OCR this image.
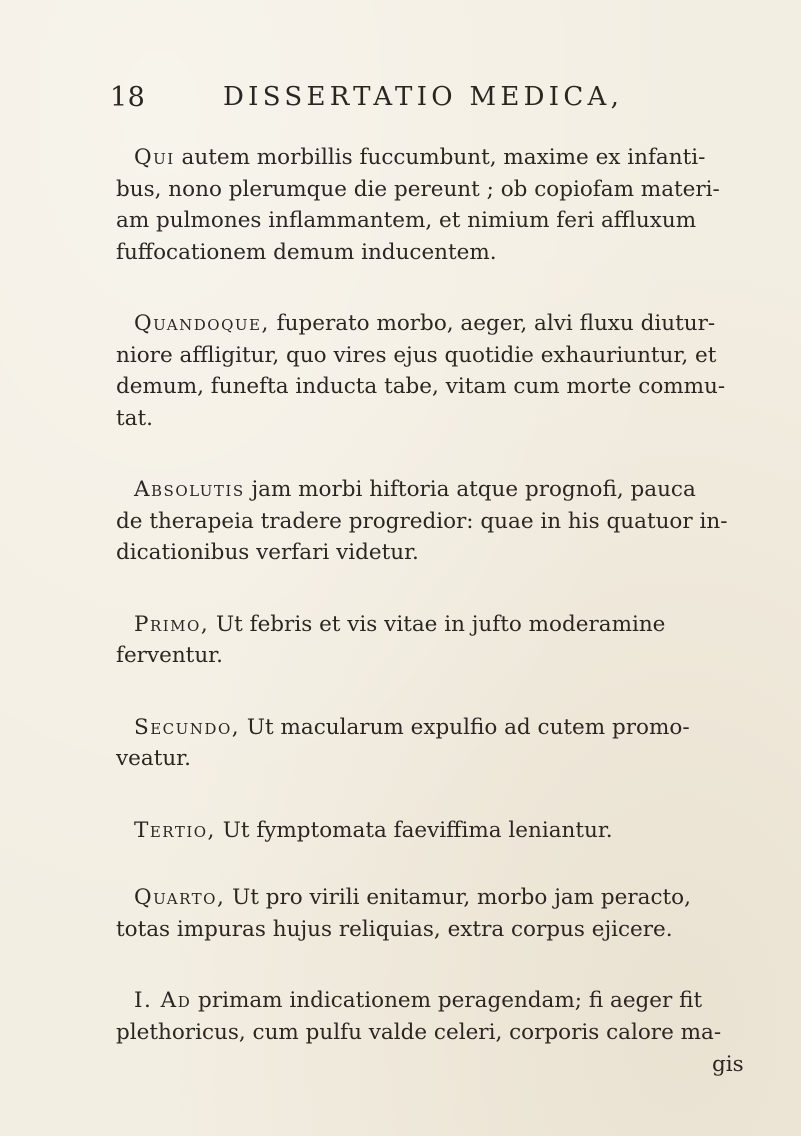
18	DISSERTATIO MEDICA,

Qui autem morbillis fuccumbunt, maxime ex infanti-
bus, nono plerumque die pereunt ; ob copiofam materi-
am pulmones inflammantem, et nimium feri affluxum
fuffocationem demum inducentem.

Quandoque, fuperato morbo, aeger, alvi fluxu diutur-
niore affligitur, quo vires ejus quotidie exhauriuntur, et
demum, funefta inducta tabe, vitam cum morte commu-
tat.

Absolutis jam morbi hiftoria atque prognofi, pauca
de therapeia tradere progredior: quae in his quatuor in-
dicationibus verfari videtur.

Primo, Ut febris et vis vitae in jufto moderamine
ferventur.

Secundo, Ut macularum expulfio ad cutem promo-
veatur.

Tertio, Ut fymptomata faeviffima leniantur.

Quarto, Ut pro virili enitamur, morbo jam peracto,
totas impuras hujus reliquias, extra corpus ejicere.

I. Ad primam indicationem peragendam; fi aeger fit
plethoricus, cum pulfu valde celeri, corporis calore ma-

gis
